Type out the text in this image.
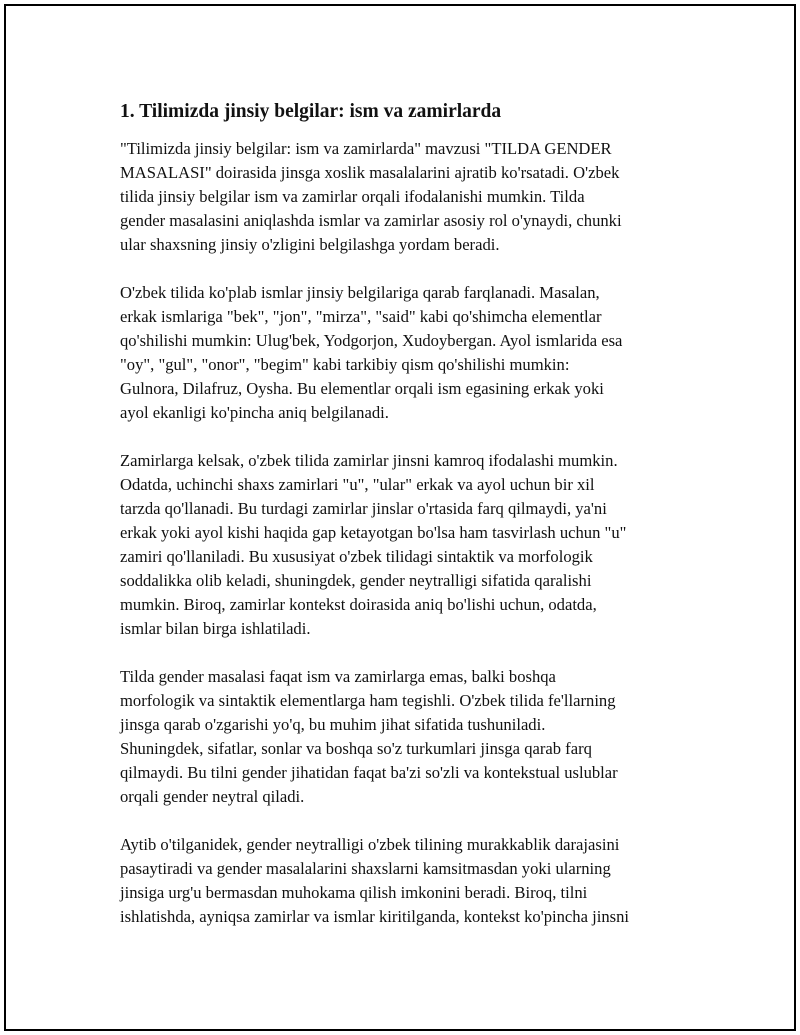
1. Tilimizda jinsiy belgilar: ism va zamirlarda
"Tilimizda jinsiy belgilar: ism va zamirlarda" mavzusi "TILDA GENDER
MASALASI" doirasida jinsga xoslik masalalarini ajratib ko'rsatadi. O'zbek
tilida jinsiy belgilar ism va zamirlar orqali ifodalanishi mumkin. Tilda
gender masalasini aniqlashda ismlar va zamirlar asosiy rol o'ynaydi, chunki
ular shaxsning jinsiy o'zligini belgilashga yordam beradi.
O'zbek tilida ko'plab ismlar jinsiy belgilariga qarab farqlanadi. Masalan,
erkak ismlariga "bek", "jon", "mirza", "said" kabi qo'shimcha elementlar
qo'shilishi mumkin: Ulug'bek, Yodgorjon, Xudoybergan. Ayol ismlarida esa
"oy", "gul", "onor", "begim" kabi tarkibiy qism qo'shilishi mumkin:
Gulnora, Dilafruz, Oysha. Bu elementlar orqali ism egasining erkak yoki
ayol ekanligi ko'pincha aniq belgilanadi.
Zamirlarga kelsak, o'zbek tilida zamirlar jinsni kamroq ifodalashi mumkin.
Odatda, uchinchi shaxs zamirlari "u", "ular" erkak va ayol uchun bir xil
tarzda qo'llanadi. Bu turdagi zamirlar jinslar o'rtasida farq qilmaydi, ya'ni
erkak yoki ayol kishi haqida gap ketayotgan bo'lsa ham tasvirlash uchun "u"
zamiri qo'llaniladi. Bu xususiyat o'zbek tilidagi sintaktik va morfologik
soddalikka olib keladi, shuningdek, gender neytralligi sifatida qaralishi
mumkin. Biroq, zamirlar kontekst doirasida aniq bo'lishi uchun, odatda,
ismlar bilan birga ishlatiladi.
Tilda gender masalasi faqat ism va zamirlarga emas, balki boshqa
morfologik va sintaktik elementlarga ham tegishli. O'zbek tilida fe'llarning
jinsga qarab o'zgarishi yo'q, bu muhim jihat sifatida tushuniladi.
Shuningdek, sifatlar, sonlar va boshqa so'z turkumlari jinsga qarab farq
qilmaydi. Bu tilni gender jihatidan faqat ba'zi so'zli va kontekstual uslublar
orqali gender neytral qiladi.
Aytib o'tilganidek, gender neytralligi o'zbek tilining murakkablik darajasini
pasaytiradi va gender masalalarini shaxslarni kamsitmasdan yoki ularning
jinsiga urg'u bermasdan muhokama qilish imkonini beradi. Biroq, tilni
ishlatishda, ayniqsa zamirlar va ismlar kiritilganda, kontekst ko'pincha jinsni
